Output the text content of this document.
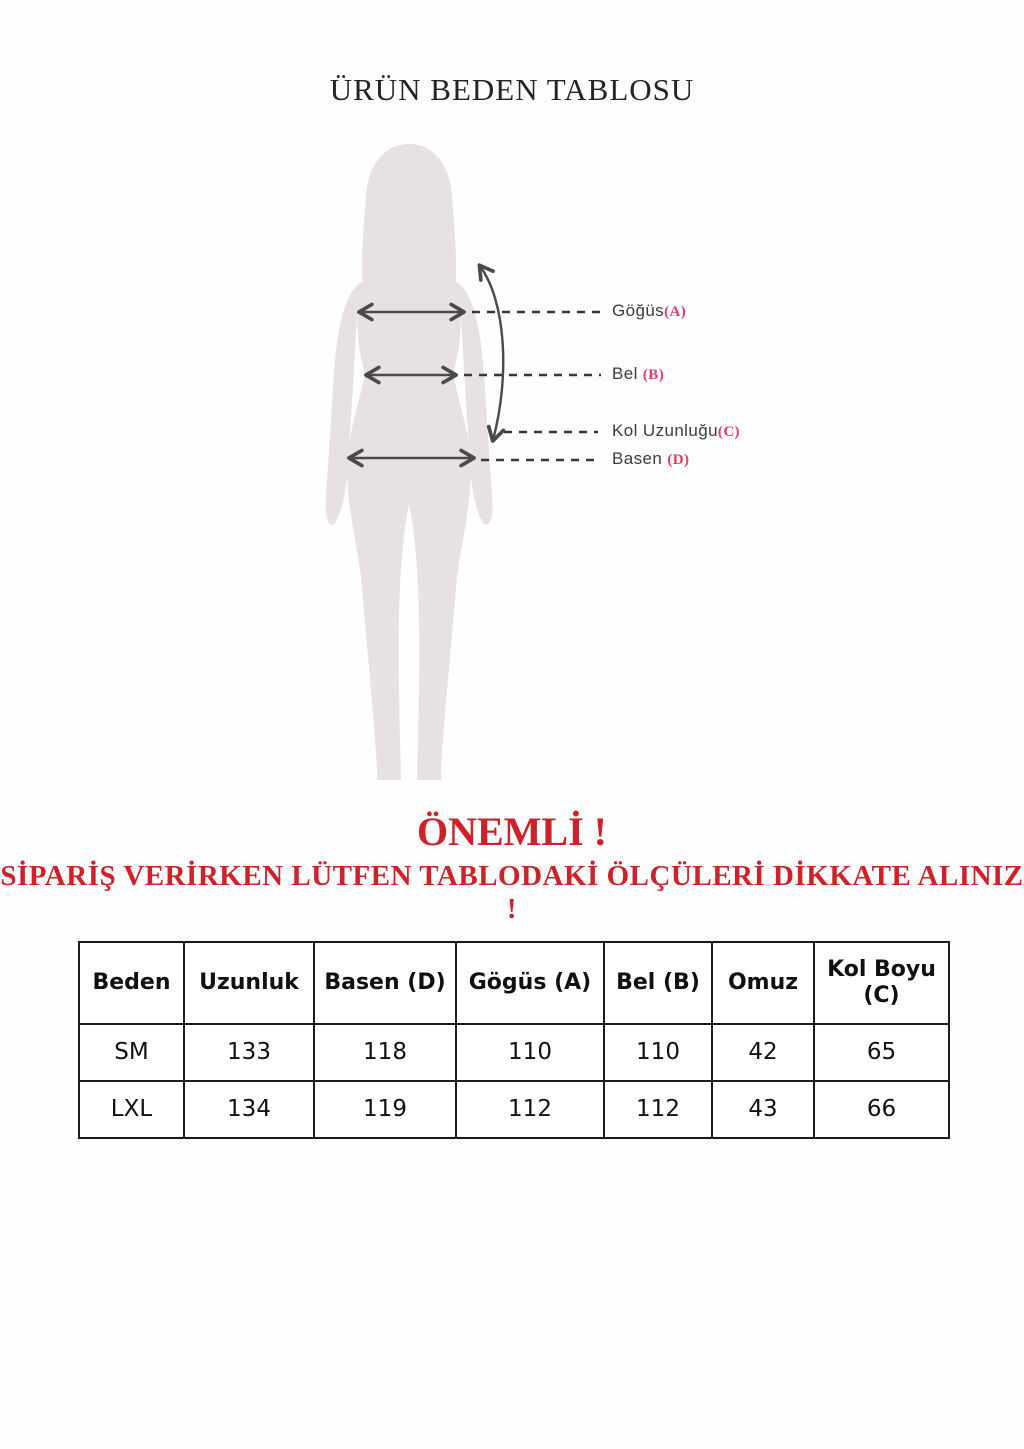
ÜRÜN BEDEN TABLOSU
Göğüs(A)
Bel (B)
Kol Uzunluğu(C)
Basen (D)
ÖNEMLİ !
SİPARİŞ VERİRKEN LÜTFEN TABLODAKİ ÖLÇÜLERİ DİKKATE ALINIZ !
Beden	Uzunluk	Basen (D)	Gögüs (A)	Bel (B)	Omuz	Kol Boyu (C)
SM	133	118	110	110	42	65
LXL	134	119	112	112	43	66
